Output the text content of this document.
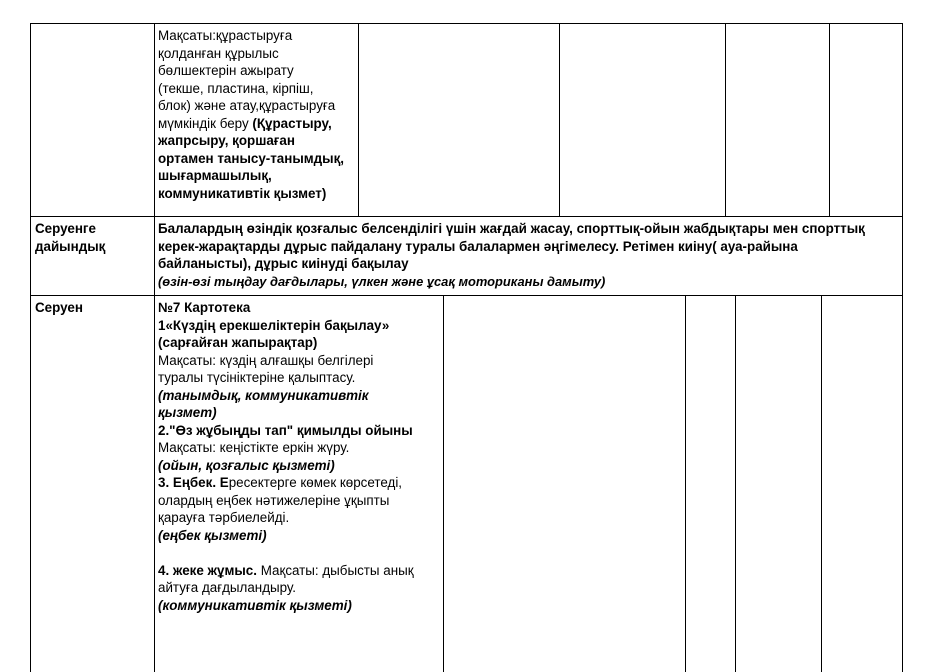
Мақсаты:құрастыруға

қолданған құрылыс

бөлшектерін ажырату

(текше, пластина, кірпіш,

блок) және атау,құрастыруға

мүмкіндік беру (Құрастыру,

жапрсыру, қоршаған

ортамен танысу-танымдық,

шығармашылық,

коммуникативтік қызмет)

Серуенге

дайындық

Балалардың өзіндік қозғалыс белсенділігі үшін жағдай жасау, спорттық-ойын жабдықтары мен спорттық

керек-жарақтарды дұрыс пайдалану туралы балалармен әңгімелесу. Ретімен киіну( ауа-райына

байланысты), дұрыс киінуді бақылау

(өзін-өзі тыңдау дағдылары, үлкен және ұсақ моториканы дамыту)

Серуен	№7 Картотека

1«Күздің ерекшеліктерін бақылау»

(сарғайған жапырақтар)

Мақсаты: күздің алғашқы белгілері

туралы түсініктеріне қалыптасу.

(танымдық, коммуникативтік

қызмет)

2."Өз жұбыңды тап" қимылды ойыны

Мақсаты: кеңістікте еркін жүру.

(ойын, қозғалыс қызметі)

3. Еңбек. Ересектерге көмек көрсетеді,

олардың еңбек нәтижелеріне ұқыпты

қарауға тәрбиелейді.

(еңбек қызметі)

4. жеке жұмыс. Мақсаты: дыбысты анық

айтуға дағдыландыру.

(коммуникативтік қызметі)
